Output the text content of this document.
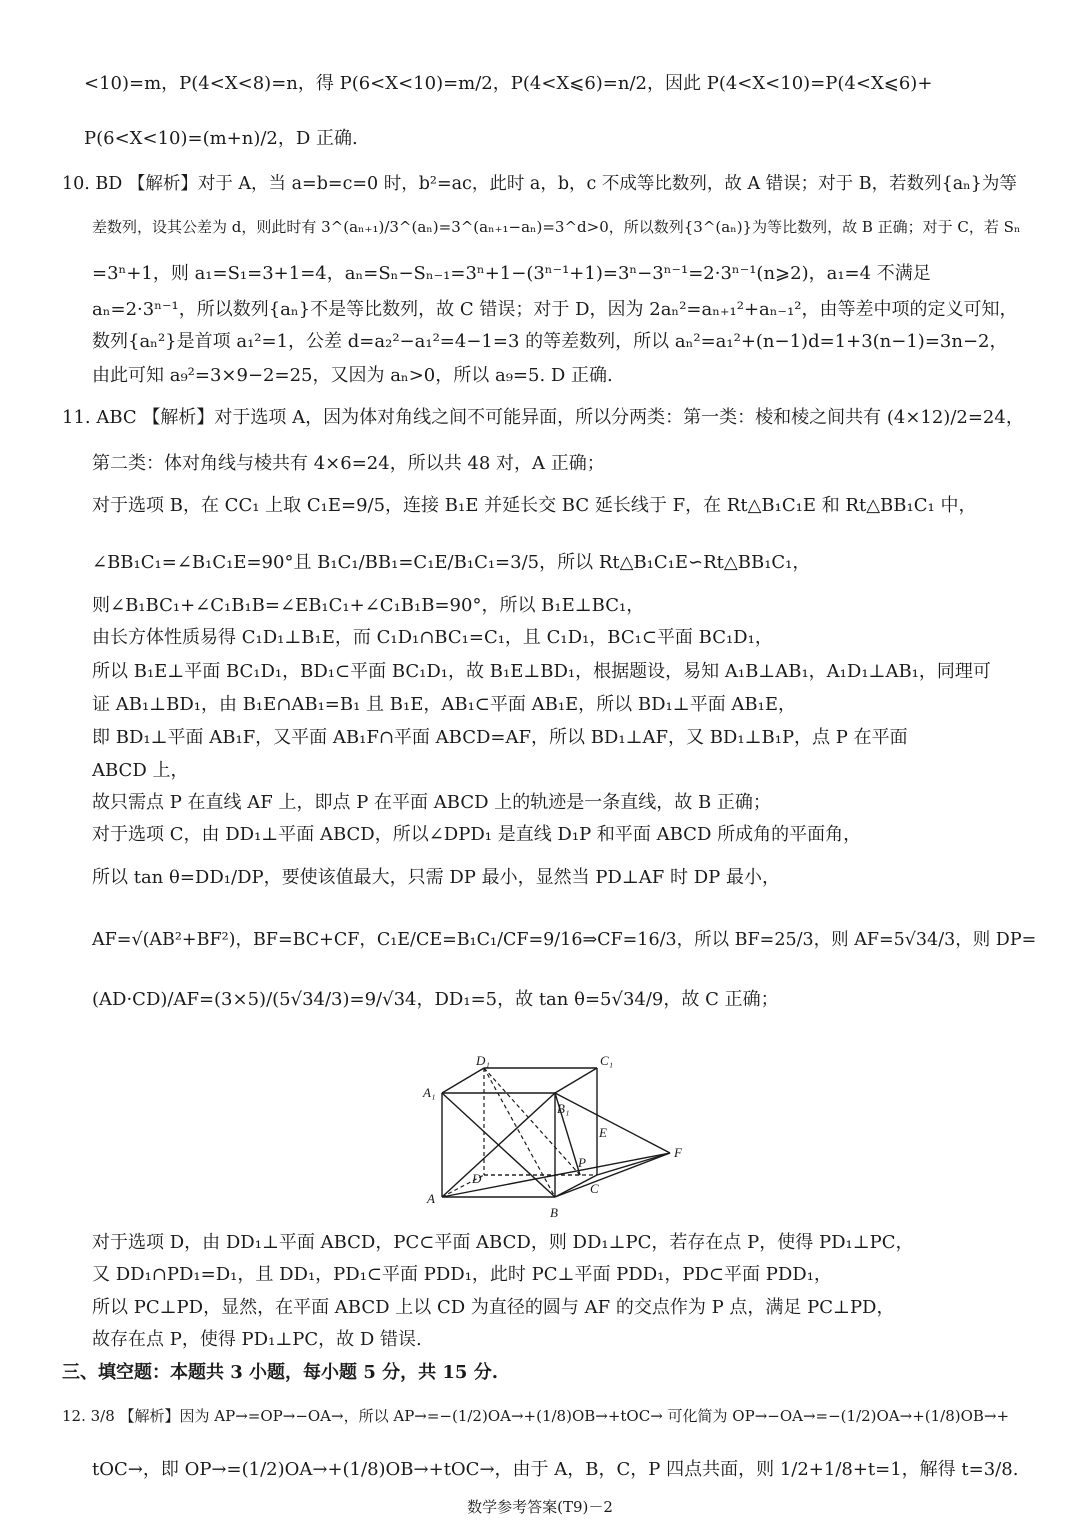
<10)=m，P(4<X<8)=n，得 P(6<X<10)=m/2，P(4<X⩽6)=n/2，因此 P(4<X<10)=P(4<X⩽6)+
P(6<X<10)=(m+n)/2，D 正确.
10. BD 【解析】对于 A，当 a=b=c=0 时，b²=ac，此时 a，b，c 不成等比数列，故 A 错误；对于 B，若数列{aₙ}为等
差数列，设其公差为 d，则此时有 3^(aₙ₊₁)/3^(aₙ)=3^(aₙ₊₁−aₙ)=3^d>0，所以数列{3^(aₙ)}为等比数列，故 B 正确；对于 C，若 Sₙ
=3ⁿ+1，则 a₁=S₁=3+1=4，aₙ=Sₙ−Sₙ₋₁=3ⁿ+1−(3ⁿ⁻¹+1)=3ⁿ−3ⁿ⁻¹=2·3ⁿ⁻¹(n⩾2)，a₁=4 不满足
aₙ=2·3ⁿ⁻¹，所以数列{aₙ}不是等比数列，故 C 错误；对于 D，因为 2aₙ²=aₙ₊₁²+aₙ₋₁²，由等差中项的定义可知，
数列{aₙ²}是首项 a₁²=1，公差 d=a₂²−a₁²=4−1=3 的等差数列，所以 aₙ²=a₁²+(n−1)d=1+3(n−1)=3n−2，
由此可知 a₉²=3×9−2=25，又因为 aₙ>0，所以 a₉=5. D 正确.
11. ABC 【解析】对于选项 A，因为体对角线之间不可能异面，所以分两类：第一类：棱和棱之间共有 (4×12)/2=24，
第二类：体对角线与棱共有 4×6=24，所以共 48 对，A 正确；
对于选项 B，在 CC₁ 上取 C₁E=9/5，连接 B₁E 并延长交 BC 延长线于 F，在 Rt△B₁C₁E 和 Rt△BB₁C₁ 中，
∠BB₁C₁=∠B₁C₁E=90°且 B₁C₁/BB₁=C₁E/B₁C₁=3/5，所以 Rt△B₁C₁E∽Rt△BB₁C₁，
则∠B₁BC₁+∠C₁B₁B=∠EB₁C₁+∠C₁B₁B=90°，所以 B₁E⊥BC₁，
由长方体性质易得 C₁D₁⊥B₁E，而 C₁D₁∩BC₁=C₁，且 C₁D₁，BC₁⊂平面 BC₁D₁，
所以 B₁E⊥平面 BC₁D₁，BD₁⊂平面 BC₁D₁，故 B₁E⊥BD₁，根据题设，易知 A₁B⊥AB₁，A₁D₁⊥AB₁，同理可
证 AB₁⊥BD₁，由 B₁E∩AB₁=B₁ 且 B₁E，AB₁⊂平面 AB₁E，所以 BD₁⊥平面 AB₁E，
即 BD₁⊥平面 AB₁F，又平面 AB₁F∩平面 ABCD=AF，所以 BD₁⊥AF，又 BD₁⊥B₁P，点 P 在平面
ABCD 上，
故只需点 P 在直线 AF 上，即点 P 在平面 ABCD 上的轨迹是一条直线，故 B 正确；
对于选项 C，由 DD₁⊥平面 ABCD，所以∠DPD₁ 是直线 D₁P 和平面 ABCD 所成角的平面角，
所以 tan θ=DD₁/DP，要使该值最大，只需 DP 最小，显然当 PD⊥AF 时 DP 最小，
AF=√(AB²+BF²)，BF=BC+CF，C₁E/CE=B₁C₁/CF=9/16⇒CF=16/3，所以 BF=25/3，则 AF=5√34/3，则 DP=
(AD·CD)/AF=(3×5)/(5√34/3)=9/√34，DD₁=5，故 tan θ=5√34/9，故 C 正确；
D₁	C₁
A₁
B₁
E
F
P
D
A
B
C
对于选项 D，由 DD₁⊥平面 ABCD，PC⊂平面 ABCD，则 DD₁⊥PC，若存在点 P，使得 PD₁⊥PC，
又 DD₁∩PD₁=D₁，且 DD₁，PD₁⊂平面 PDD₁，此时 PC⊥平面 PDD₁，PD⊂平面 PDD₁，
所以 PC⊥PD，显然，在平面 ABCD 上以 CD 为直径的圆与 AF 的交点作为 P 点，满足 PC⊥PD，
故存在点 P，使得 PD₁⊥PC，故 D 错误.
三、填空题：本题共 3 小题，每小题 5 分，共 15 分.
12. 3/8 【解析】因为 AP→=OP→−OA→，所以 AP→=−(1/2)OA→+(1/8)OB→+tOC→ 可化简为 OP→−OA→=−(1/2)OA→+(1/8)OB→+
tOC→，即 OP→=(1/2)OA→+(1/8)OB→+tOC→，由于 A，B，C，P 四点共面，则 1/2+1/8+t=1，解得 t=3/8.
数学参考答案(T9)－2
